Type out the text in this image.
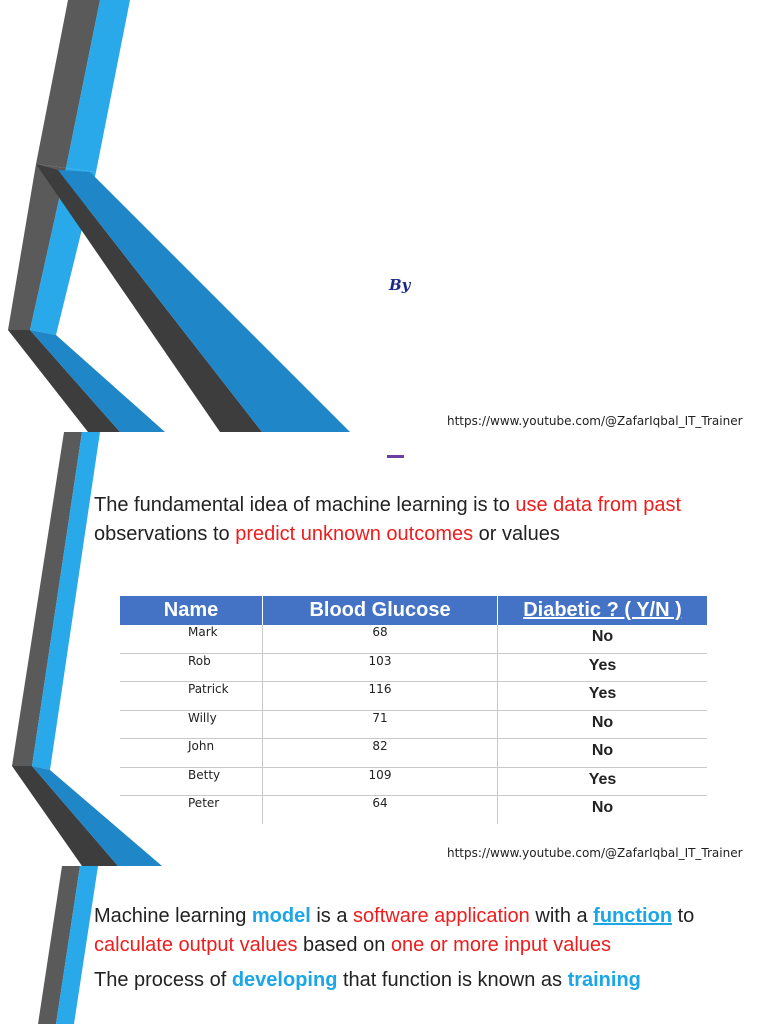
By
https://www.youtube.com/@ZafarIqbal_IT_Trainer

The fundamental idea of machine learning is to use data from past
observations to predict unknown outcomes or values

Name	Blood Glucose	Diabetic ? ( Y/N )
Mark	68	No
Rob	103	Yes
Patrick	116	Yes
Willy	71	No
John	82	No
Betty	109	Yes
Peter	64	No
https://www.youtube.com/@ZafarIqbal_IT_Trainer

Machine learning model is a software application with a function to
calculate output values based on one or more input values

The process of developing that function is known as training
